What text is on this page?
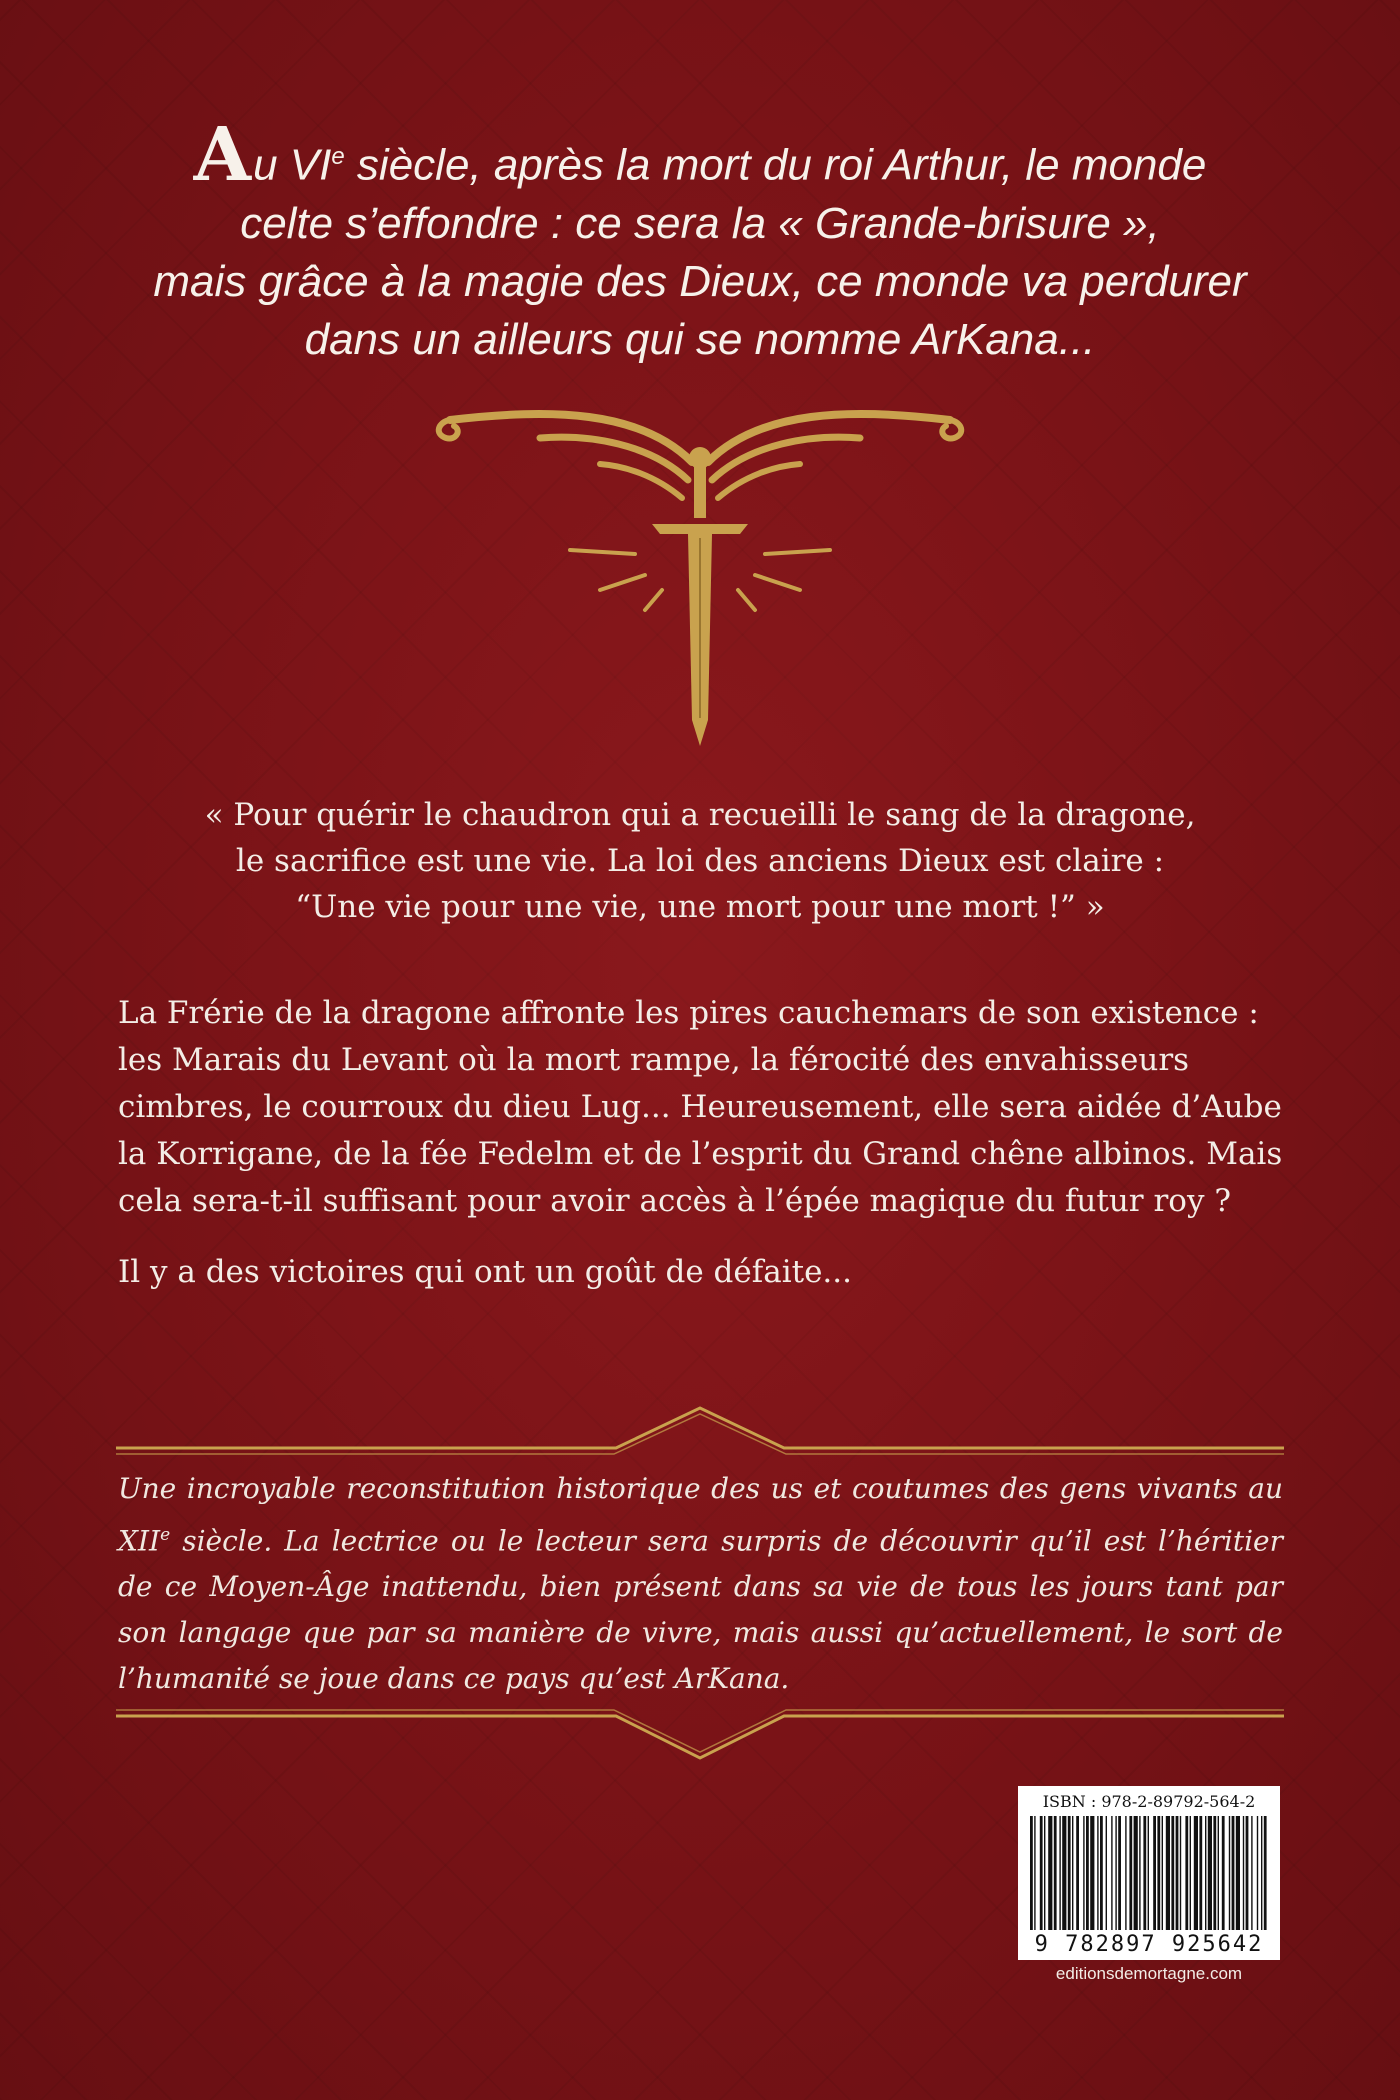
Au VIe siècle, après la mort du roi Arthur, le monde
celte s’effondre : ce sera la « Grande-brisure »,
mais grâce à la magie des Dieux, ce monde va perdurer
dans un ailleurs qui se nomme ArKana...
« Pour quérir le chaudron qui a recueilli le sang de la dragone,
le sacrifice est une vie. La loi des anciens Dieux est claire :
“Une vie pour une vie, une mort pour une mort !” »

La Frérie de la dragone affronte les pires cauchemars de son existence : les Marais du Levant où la mort rampe, la férocité des envahisseurs cimbres, le courroux du dieu Lug... Heureusement, elle sera aidée d’Aube la Korrigane, de la fée Fedelm et de l’esprit du Grand chêne albinos. Mais cela sera-t-il suffisant pour avoir accès à l’épée magique du futur roy ?

Il y a des victoires qui ont un goût de défaite...

Une incroyable reconstitution historique des us et coutumes des gens vivants au XIIe siècle. La lectrice ou le lecteur sera surpris de découvrir qu’il est l’héritier de ce Moyen-Âge inattendu, bien présent dans sa vie de tous les jours tant par son langage que par sa manière de vivre, mais aussi qu’actuellement, le sort de l’humanité se joue dans ce pays qu’est ArKana.
ISBN : 978-2-89792-564-2
9 782897 925642
editionsdemortagne.com
